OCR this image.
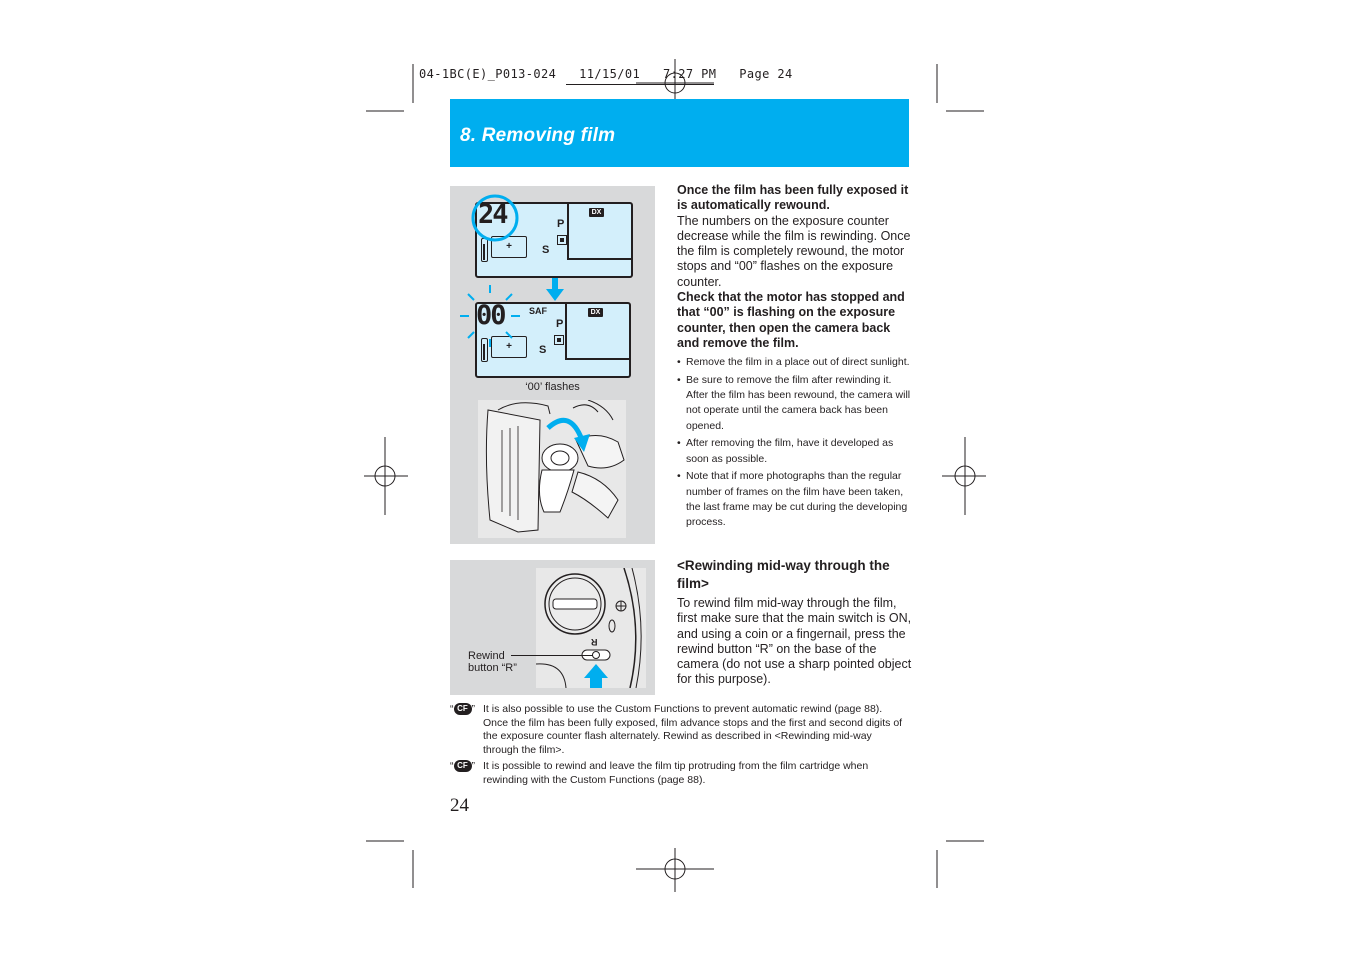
04-1BC(E)_P013-024 11/15/01 7:27 PM Page 24
8. Removing film
DX
P
S
+
24
DX
SAF
P
S
+
00
‘00’ flashes
R
Rewind
button “R”

Once the film has been fully exposed it is automatically rewound.

The numbers on the exposure counter decrease while the film is rewinding. Once the film is completely rewound, the motor stops and “00” flashes on the exposure counter.

Check that the motor has stopped and that “00” is flashing on the exposure counter, then open the camera back and remove the film.

• Remove the film in a place out of direct sunlight.
• Be sure to remove the film after rewinding it. After the film has been rewound, the camera will not operate until the camera back has been opened.
• After removing the film, have it developed as soon as possible.
• Note that if more photographs than the regular number of frames on the film have been taken, the last frame may be cut during the developing process.

<Rewinding mid-way through the film>

To rewind film mid-way through the film, first make sure that the main switch is ON, and using a coin or a fingernail, press the rewind button “R” on the base of the camera (do not use a sharp pointed object for this purpose).

“ CF ” It is also possible to use the Custom Functions to prevent automatic rewind (page 88). Once the film has been fully exposed, film advance stops and the first and second digits of the exposure counter flash alternately. Rewind as described in <Rewinding mid-way through the film>.
“ CF ” It is possible to rewind and leave the film tip protruding from the film cartridge when rewinding with the Custom Functions (page 88).
24
